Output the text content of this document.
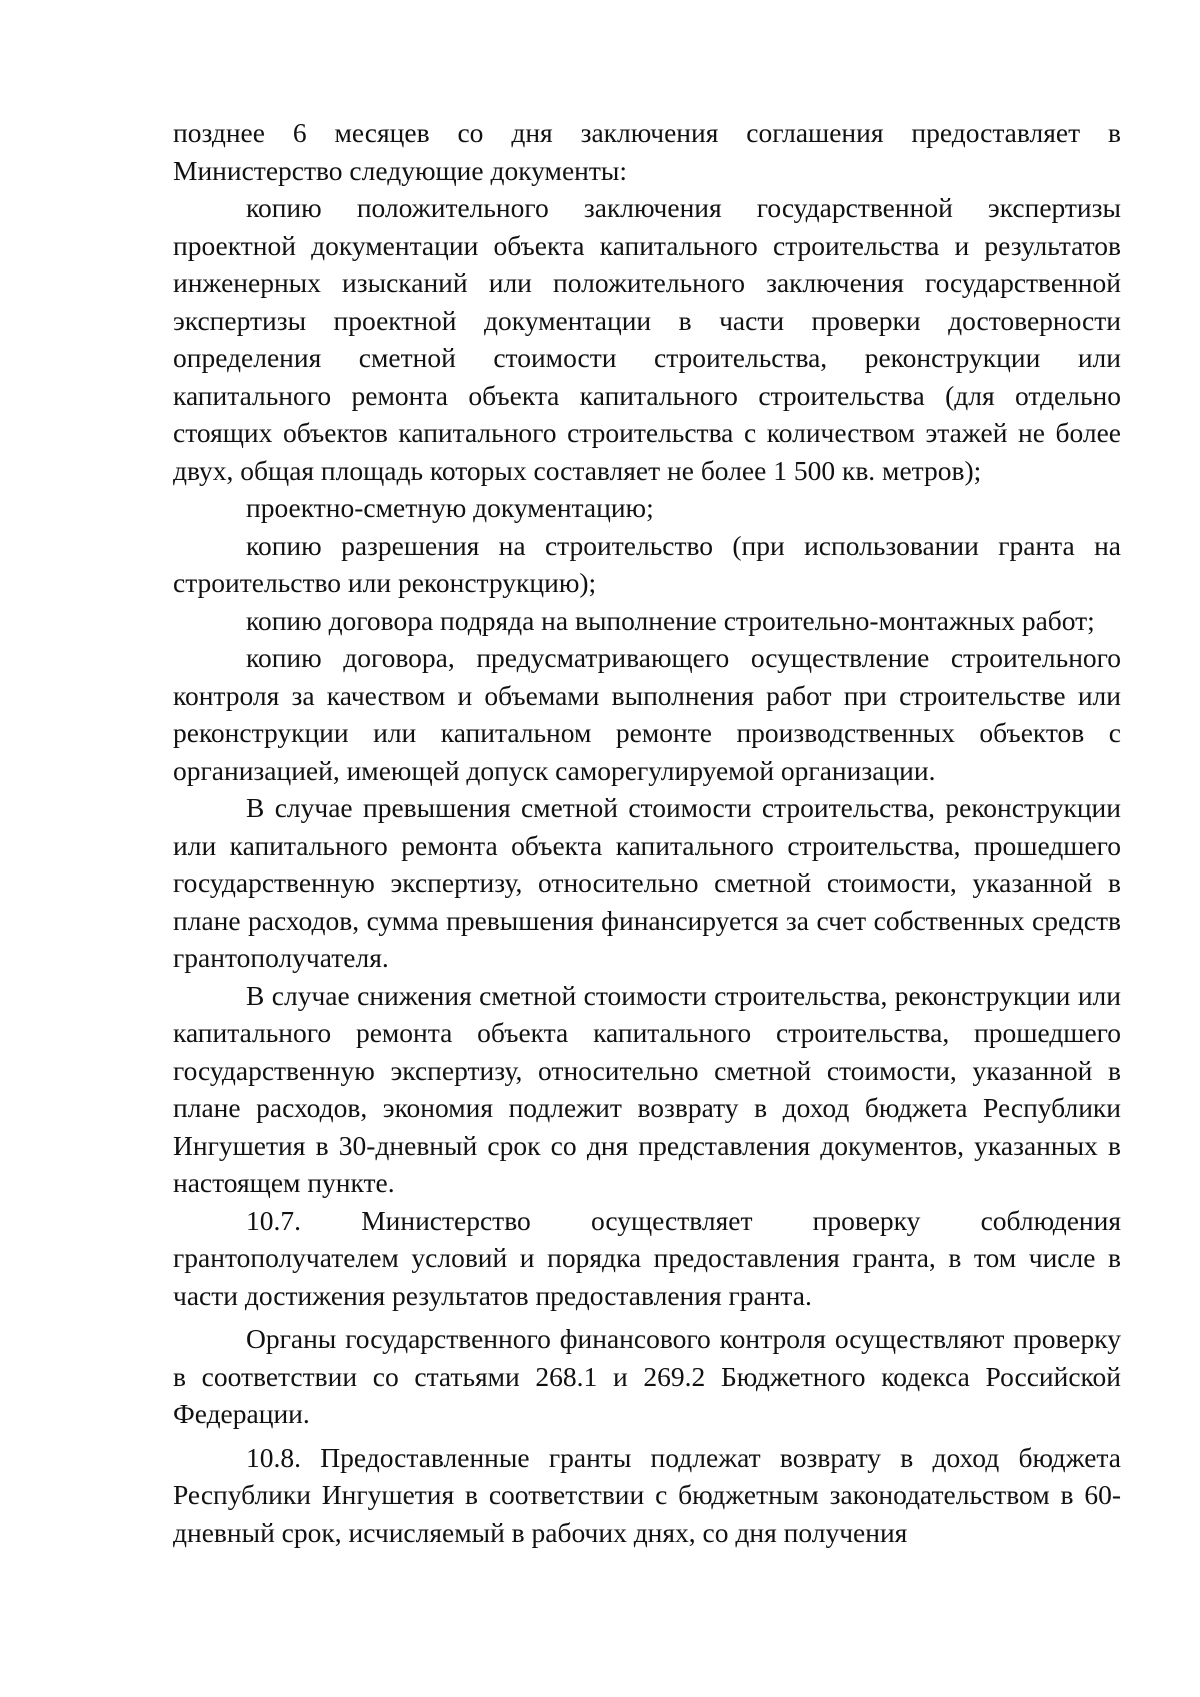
позднее 6 месяцев со дня заключения соглашения предоставляет в Министерство следующие документы:

копию положительного заключения государственной экспертизы проектной документации объекта капитального строительства и результатов инженерных изысканий или положительного заключения государственной экспертизы проектной документации в части проверки достоверности определения сметной стоимости строительства, реконструкции или капитального ремонта объекта капитального строительства (для отдельно стоящих объектов капитального строительства с количеством этажей не более двух, общая площадь которых составляет не более 1 500 кв. метров);

проектно-сметную документацию;

копию разрешения на строительство (при использовании гранта на строительство или реконструкцию);

копию договора подряда на выполнение строительно-монтажных работ;

копию договора, предусматривающего осуществление строительного контроля за качеством и объемами выполнения работ при строительстве или реконструкции или капитальном ремонте производственных объектов с организацией, имеющей допуск саморегулируемой организации.

В случае превышения сметной стоимости строительства, реконструкции или капитального ремонта объекта капитального строительства, прошедшего государственную экспертизу, относительно сметной стоимости, указанной в плане расходов, сумма превышения финансируется за счет собственных средств грантополучателя.

В случае снижения сметной стоимости строительства, реконструкции или капитального ремонта объекта капитального строительства, прошедшего государственную экспертизу, относительно сметной стоимости, указанной в плане расходов, экономия подлежит возврату в доход бюджета Республики Ингушетия в 30-дневный срок со дня представления документов, указанных в настоящем пункте.

10.7. Министерство осуществляет проверку соблюдения грантополучателем условий и порядка предоставления гранта, в том числе в части достижения результатов предоставления гранта.

Органы государственного финансового контроля осуществляют проверку в соответствии со статьями 268.1 и 269.2 Бюджетного кодекса Российской Федерации.

10.8. Предоставленные гранты подлежат возврату в доход бюджета Республики Ингушетия в соответствии с бюджетным законодательством в 60-дневный срок, исчисляемый в рабочих днях, со дня получения
